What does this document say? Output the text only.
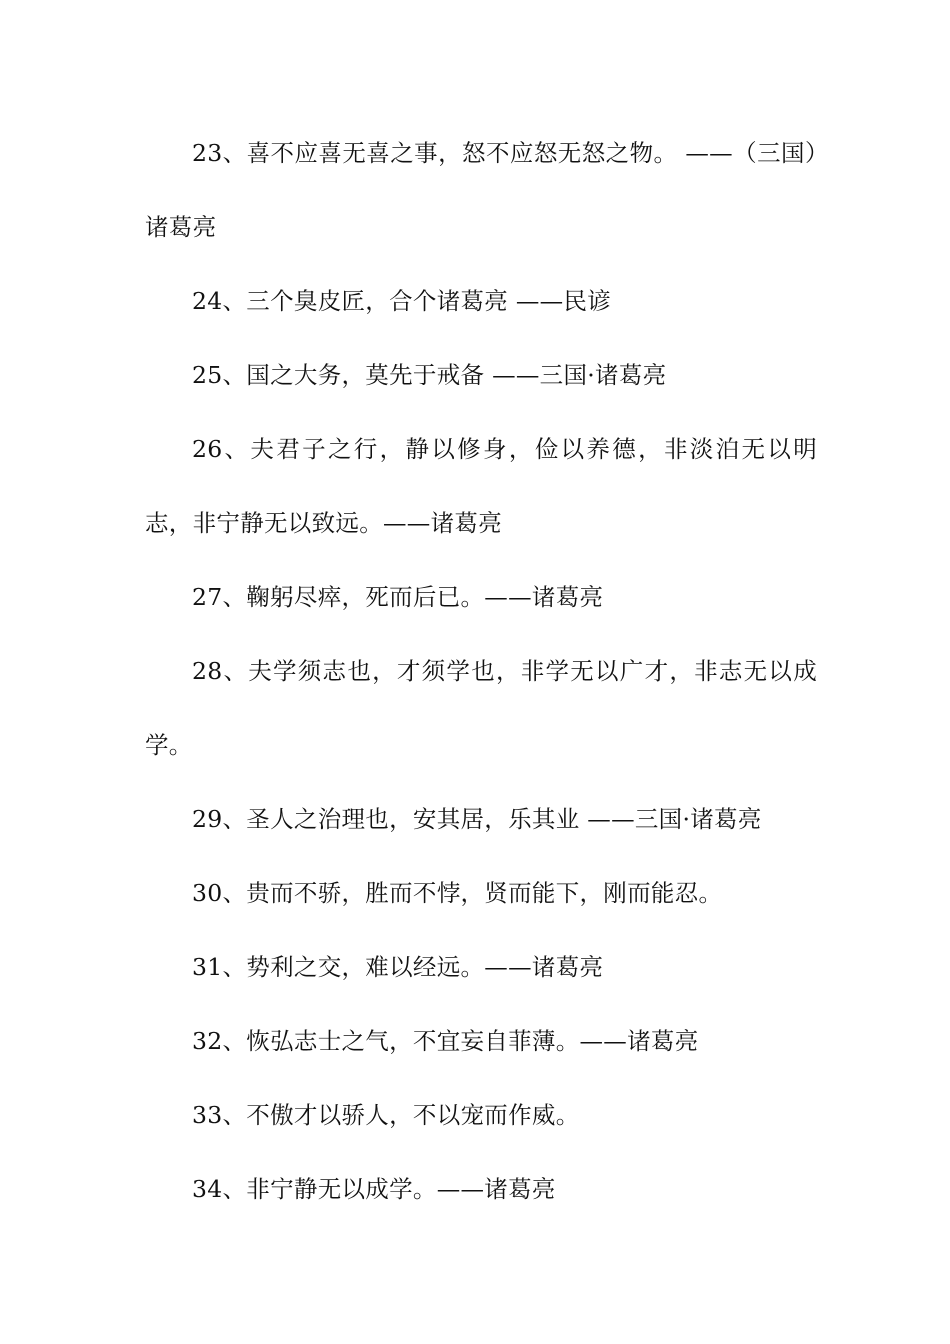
23、喜不应喜无喜之事，怒不应怒无怒之物。 ——（三国）诸葛亮

24、三个臭皮匠，合个诸葛亮 ——民谚

25、国之大务，莫先于戒备 ——三国·诸葛亮

26、夫君子之行，静以修身，俭以养德，非淡泊无以明志，非宁静无以致远。——诸葛亮

27、鞠躬尽瘁，死而后已。——诸葛亮

28、夫学须志也，才须学也，非学无以广才，非志无以成学。

29、圣人之治理也，安其居，乐其业 ——三国·诸葛亮

30、贵而不骄，胜而不悖，贤而能下，刚而能忍。

31、势利之交，难以经远。——诸葛亮

32、恢弘志士之气，不宜妄自菲薄。——诸葛亮

33、不傲才以骄人，不以宠而作威。

34、非宁静无以成学。——诸葛亮
